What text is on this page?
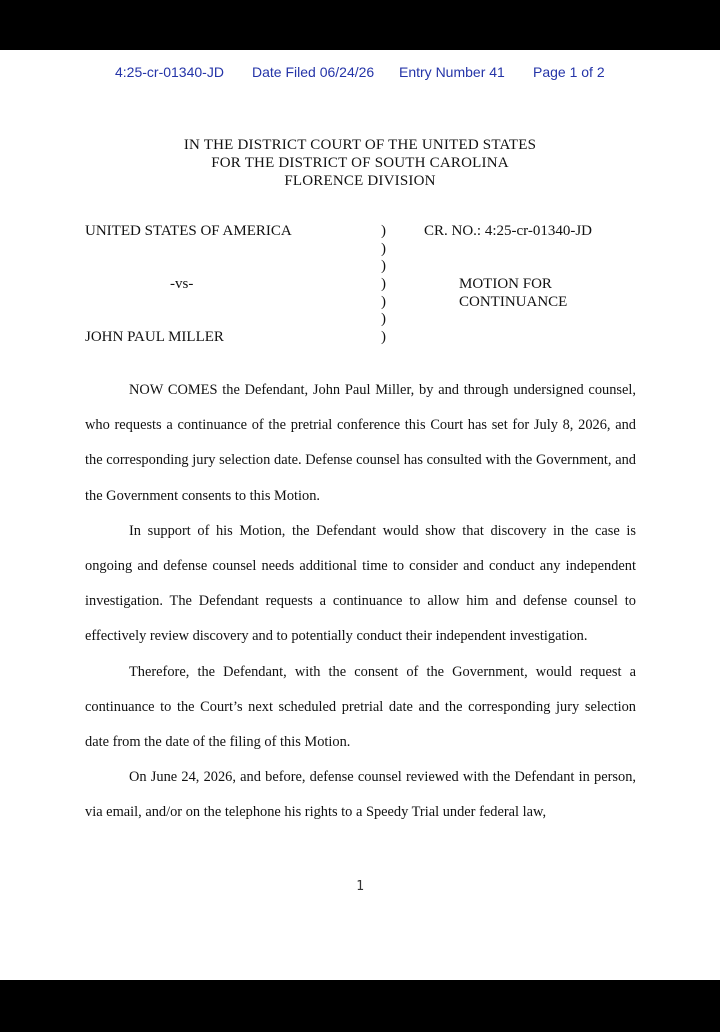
4:25-cr-01340-JD Date Filed 06/24/26 Entry Number 41 Page 1 of 2
IN THE DISTRICT COURT OF THE UNITED STATES
FOR THE DISTRICT OF SOUTH CAROLINA
FLORENCE DIVISION
UNITED STATES OF AMERICA
-vs-
JOHN PAUL MILLER
)
)
)
)
)
)
)
CR. NO.: 4:25-cr-01340-JD
MOTION FOR
CONTINUANCE

NOW COMES the Defendant, John Paul Miller, by and through undersigned counsel, who requests a continuance of the pretrial conference this Court has set for July 8, 2026, and the corresponding jury selection date. Defense counsel has consulted with the Government, and the Government consents to this Motion.

In support of his Motion, the Defendant would show that discovery in the case is ongoing and defense counsel needs additional time to consider and conduct any independent investigation. The Defendant requests a continuance to allow him and defense counsel to effectively review discovery and to potentially conduct their independent investigation.

Therefore, the Defendant, with the consent of the Government, would request a continuance to the Court’s next scheduled pretrial date and the corresponding jury selection date from the date of the filing of this Motion.

On June 24, 2026, and before, defense counsel reviewed with the Defendant in person, via email, and/or on the telephone his rights to a Speedy Trial under federal law,

1
